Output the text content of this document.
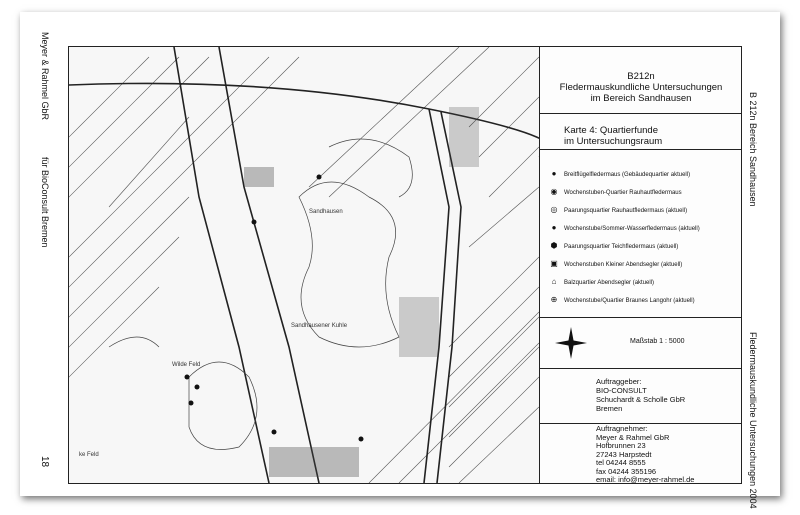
Meyer & Rahmel GbR
für BioConsult Bremen
18
B 212n Bereich Sandhausen
Fledermauskundliche Untersuchungen 2004
Sandhausener Kuhle
Wilde Feld
ke Feld
Sandhausen
B212n
Fledermauskundliche Untersuchungen
im Bereich Sandhausen
Karte 4: Quartierfunde
im Untersuchungsraum
● Breitflügelfledermaus (Gebäudequartier aktuell)
◉ Wochenstuben-Quartier Rauhautfledermaus
◎ Paarungsquartier Rauhautfledermaus (aktuell)
● Wochenstube/Sommer-Wasserfledermaus (aktuell)
⬢ Paarungsquartier Teichfledermaus (aktuell)
▣ Wochenstuben Kleiner Abendsegler (aktuell)
⌂ Balzquartier Abendsegler (aktuell)
⊕ Wochenstube/Quartier Braunes Langohr (aktuell)
Maßstab 1 : 5000
Auftraggeber:
BIO-CONSULT
Schuchardt & Scholle GbR
Bremen
Auftragnehmer:
Meyer & Rahmel GbR
Hofbrunnen 23
27243 Harpstedt
tel 04244 8555
fax 04244 355196
email: info@meyer-rahmel.de
